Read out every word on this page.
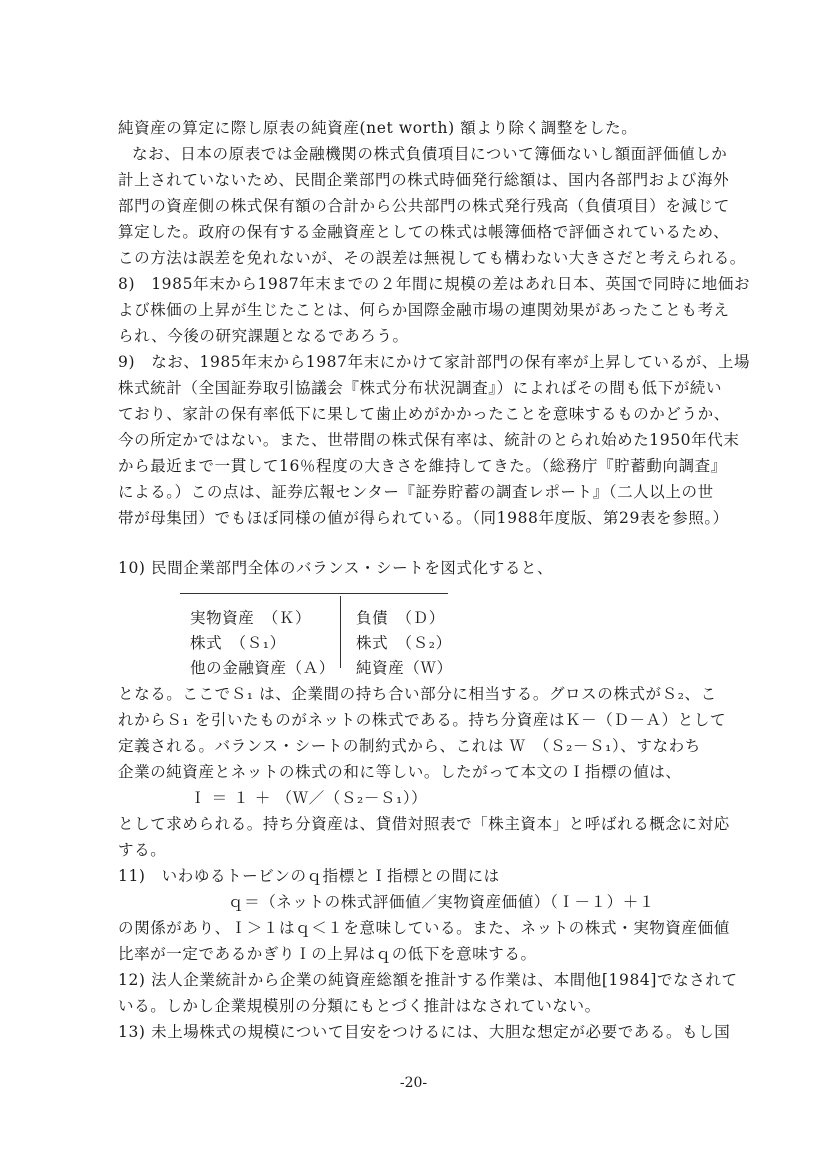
純資産の算定に際し原表の純資産(net worth) 額より除く調整をした。
なお、日本の原表では金融機関の株式負債項目について簿価ないし額面評価値しか
計上されていないため、民間企業部門の株式時価発行総額は、国内各部門および海外
部門の資産側の株式保有額の合計から公共部門の株式発行残高（負債項目）を減じて
算定した。政府の保有する金融資産としての株式は帳簿価格で評価されているため、
この方法は誤差を免れないが、その誤差は無視しても構わない大きさだと考えられる。
8)　1985年末から1987年末までの２年間に規模の差はあれ日本、英国で同時に地価お
よび株価の上昇が生じたことは、何らか国際金融市場の連関効果があったことも考え
られ、今後の研究課題となるであろう。
9)　なお、1985年末から1987年末にかけて家計部門の保有率が上昇しているが、上場
株式統計（全国証券取引協議会『株式分布状況調査』）によればその間も低下が続い
ており、家計の保有率低下に果して歯止めがかかったことを意味するものかどうか、
今の所定かではない。また、世帯間の株式保有率は、統計のとられ始めた1950年代末
から最近まで一貫して16％程度の大きさを維持してきた。（総務庁『貯蓄動向調査』
による。）この点は、証券広報センター『証券貯蓄の調査レポート』（二人以上の世
帯が母集団）でもほぼ同様の値が得られている。（同1988年度版、第29表を参照。）
10) 民間企業部門全体のバランス・シートを図式化すると、
実物資産　（Ｋ）
株式　（Ｓ₁）
他の金融資産（Ａ）
負債　（Ｄ）
株式　（Ｓ₂）
純資産（Ｗ）
となる。ここでＳ₁ は、企業間の持ち合い部分に相当する。グロスの株式がＳ₂、こ
れからＳ₁ を引いたものがネットの株式である。持ち分資産はＫ－（Ｄ－Ａ）として
定義される。バランス・シートの制約式から、これは Ｗ　（Ｓ₂－Ｓ₁）、すなわち
企業の純資産とネットの株式の和に等しい。したがって本文のＩ指標の値は、
Ｉ ＝ １ ＋ （Ｗ／（Ｓ₂－Ｓ₁））
として求められる。持ち分資産は、貸借対照表で「株主資本」と呼ばれる概念に対応
する。
11)　いわゆるトービンのｑ指標とＩ指標との間には
ｑ＝（ネットの株式評価値／実物資産価値）（Ｉ－１）＋１
の関係があり、Ｉ＞１はｑ＜１を意味している。また、ネットの株式・実物資産価値
比率が一定であるかぎりＩの上昇はｑの低下を意味する。
12) 法人企業統計から企業の純資産総額を推計する作業は、本間他[1984]でなされて
いる。しかし企業規模別の分類にもとづく推計はなされていない。
13) 未上場株式の規模について目安をつけるには、大胆な想定が必要である。もし国
-20-
